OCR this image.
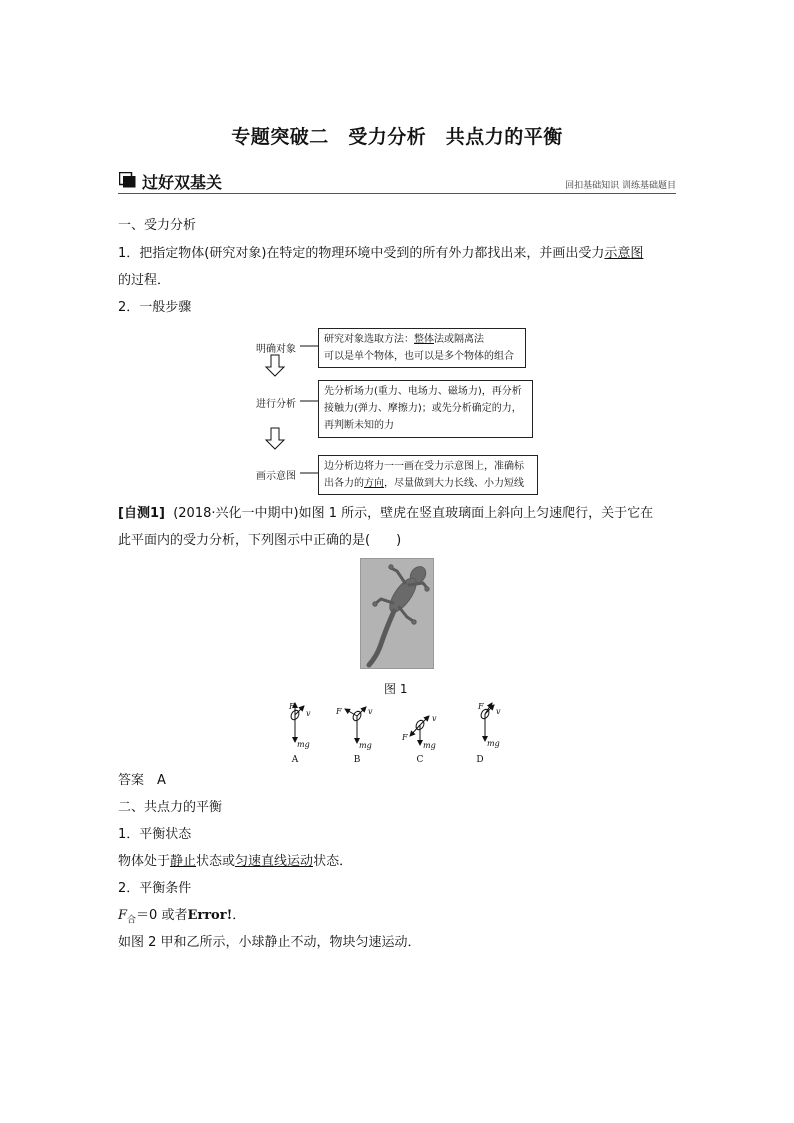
专题突破二　受力分析　共点力的平衡
过好双基关	回扣基础知识 训练基础题目
一、受力分析
1．把指定物体(研究对象)在特定的物理环境中受到的所有外力都找出来，并画出受力示意图
的过程．
2．一般步骤
明确对象
进行分析
画示意图
研究对象选取方法：整体法或隔离法
可以是单个物体，也可以是多个物体的组合
先分析场力(重力、电场力、磁场力)，再分析
接触力(弹力、摩擦力)；或先分析确定的力，
再判断未知的力
边分析边将力一一画在受力示意图上，准确标
出各力的方向，尽量做到大力长线、小力短线
[自测1] (2018·兴化一中期中)如图 1 所示，壁虎在竖直玻璃面上斜向上匀速爬行，关于它在
此平面内的受力分析，下列图示中正确的是(　　)
图 1
F
v
mg
F	v
mg
F
v
mg
F
v
mg
A	B	C	D
答案　A
二、共点力的平衡
1．平衡状态
物体处于静止状态或匀速直线运动状态．
2．平衡条件
$F_合=0$ 或者Error!．
如图 2 甲和乙所示，小球静止不动，物块匀速运动．
